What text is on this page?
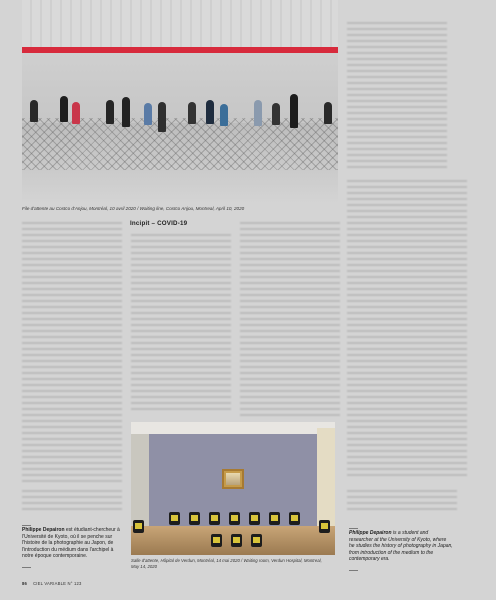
File d'attente au Costco d'Anjou, Montréal, 10 avril 2020 / Waiting line, Costco Anjou, Montreal, April 10, 2020
Incipit – COVID-19
Salle d'attente, Hôpital de Verdun, Montréal, 14 mai 2020 / Waiting room, Verdun Hospital, Montreal,
May 14, 2020
Philippe Depairon est étudiant-chercheur à l'Université de Kyoto, où il se penche sur l'histoire de la photographie au Japon, de l'introduction du médium dans l'archipel à notre époque contemporaine.
Philippe Depairon is a student and researcher at the University of Kyoto, where he studies the history of photography in Japan, from introduction of the medium to the contemporary era.
86 CIEL VARIABLE N° 123
